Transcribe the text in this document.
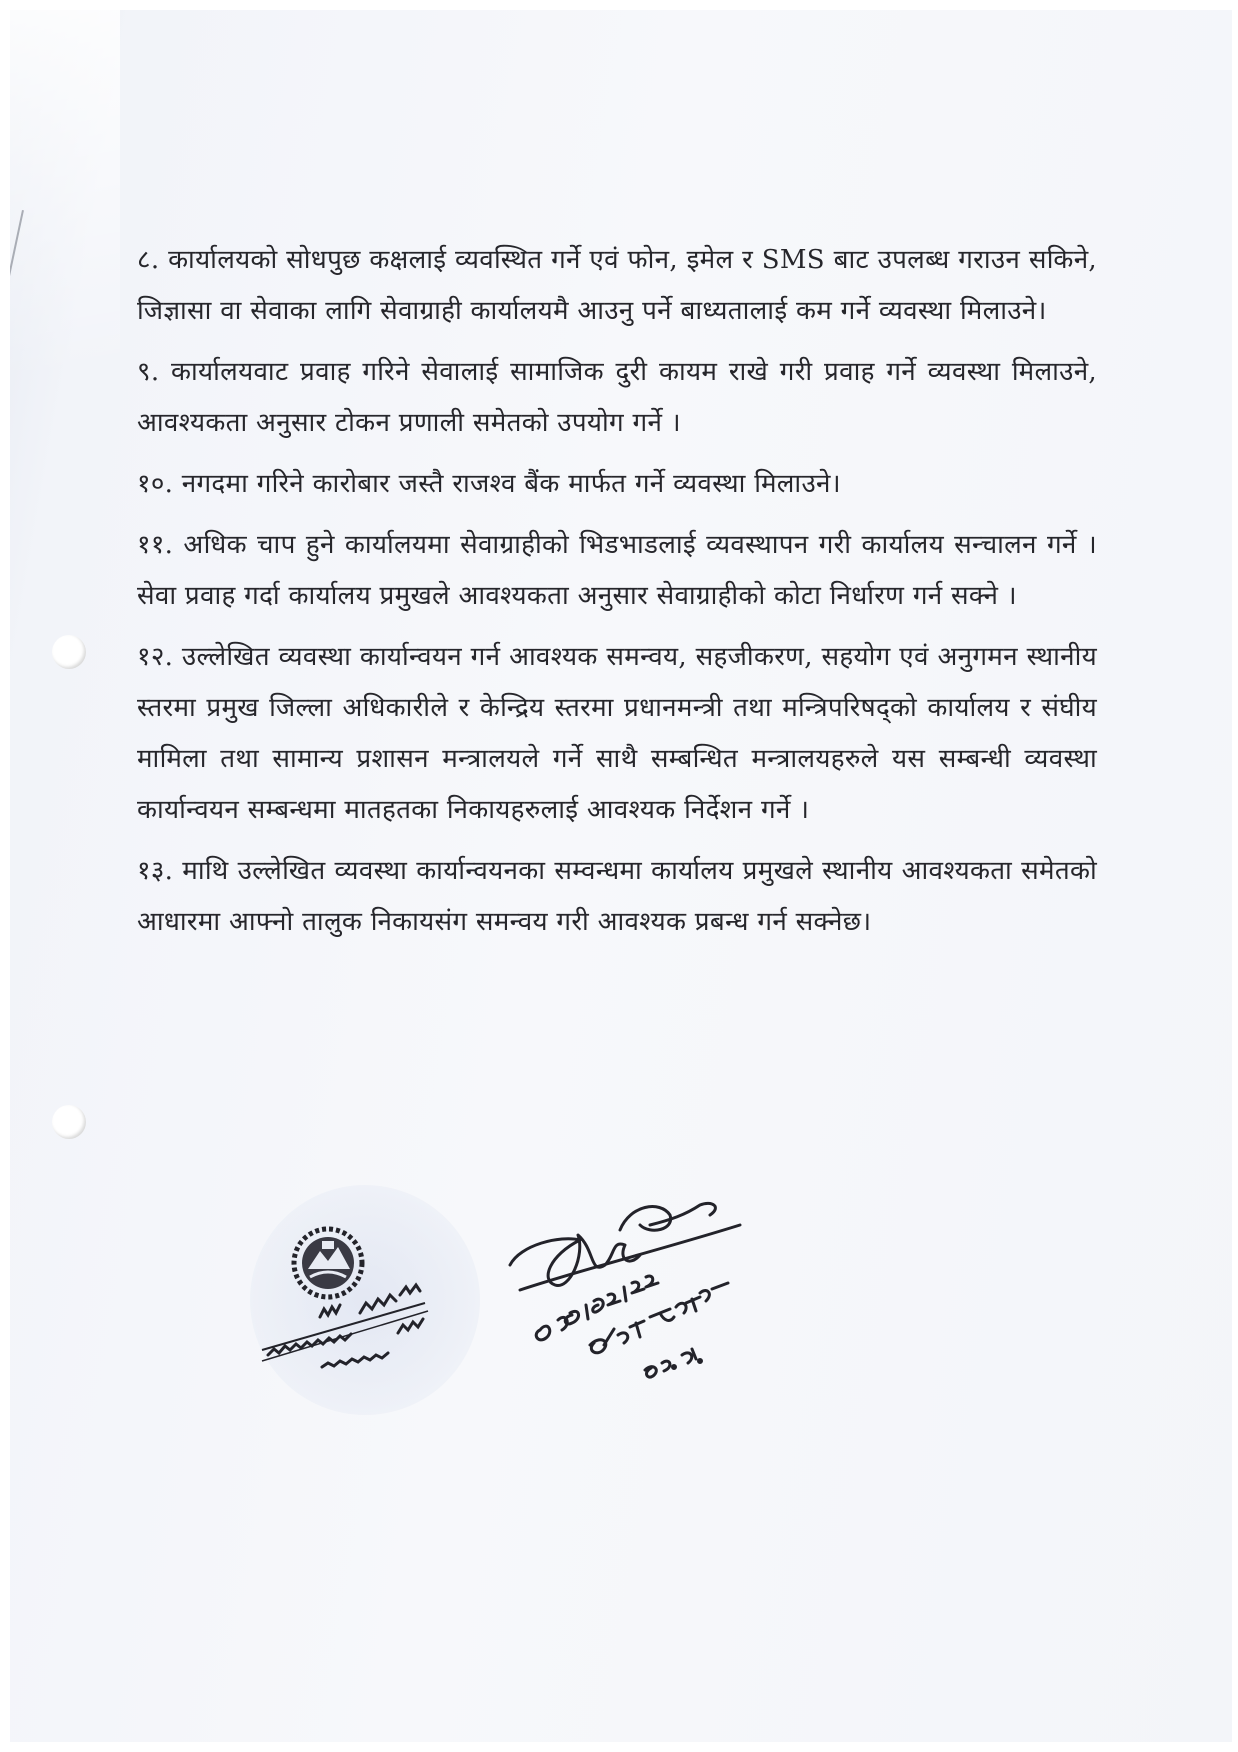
८. कार्यालयको सोधपुछ कक्षलाई व्यवस्थित गर्ने एवं फोन, इमेल र SMS बाट उपलब्ध गराउन सकिने, जिज्ञासा वा सेवाका लागि सेवाग्राही कार्यालयमै आउनु पर्ने बाध्यतालाई कम गर्ने व्यवस्था मिलाउने।

९. कार्यालयवाट प्रवाह गरिने सेवालाई सामाजिक दुरी कायम राखे गरी प्रवाह गर्ने व्यवस्था मिलाउने, आवश्यकता अनुसार टोकन प्रणाली समेतको उपयोग गर्ने ।

१०. नगदमा गरिने कारोबार जस्तै राजश्व बैंक मार्फत गर्ने व्यवस्था मिलाउने।

११. अधिक चाप हुने कार्यालयमा सेवाग्राहीको भिडभाडलाई व्यवस्थापन गरी कार्यालय सन्चालन गर्ने ।सेवा प्रवाह गर्दा कार्यालय प्रमुखले आवश्यकता अनुसार सेवाग्राहीको कोटा निर्धारण गर्न सक्ने ।

१२. उल्लेखित व्यवस्था कार्यान्वयन गर्न आवश्यक समन्वय, सहजीकरण, सहयोग एवं अनुगमन स्थानीय स्तरमा प्रमुख जिल्ला अधिकारीले र केन्द्रिय स्तरमा प्रधानमन्त्री तथा मन्त्रिपरिषद्को कार्यालय र संघीय मामिला तथा सामान्य प्रशासन मन्त्रालयले गर्ने साथै सम्बन्धित मन्त्रालयहरुले यस सम्बन्धी व्यवस्था कार्यान्वयन सम्बन्धमा मातहतका निकायहरुलाई आवश्यक निर्देशन गर्ने ।

१३. माथि उल्लेखित व्यवस्था कार्यान्वयनका सम्वन्धमा कार्यालय प्रमुखले स्थानीय आवश्यकता समेतको आधारमा आफ्नो तालुक निकायसंग समन्वय गरी आवश्यक प्रबन्ध गर्न सक्नेछ।
